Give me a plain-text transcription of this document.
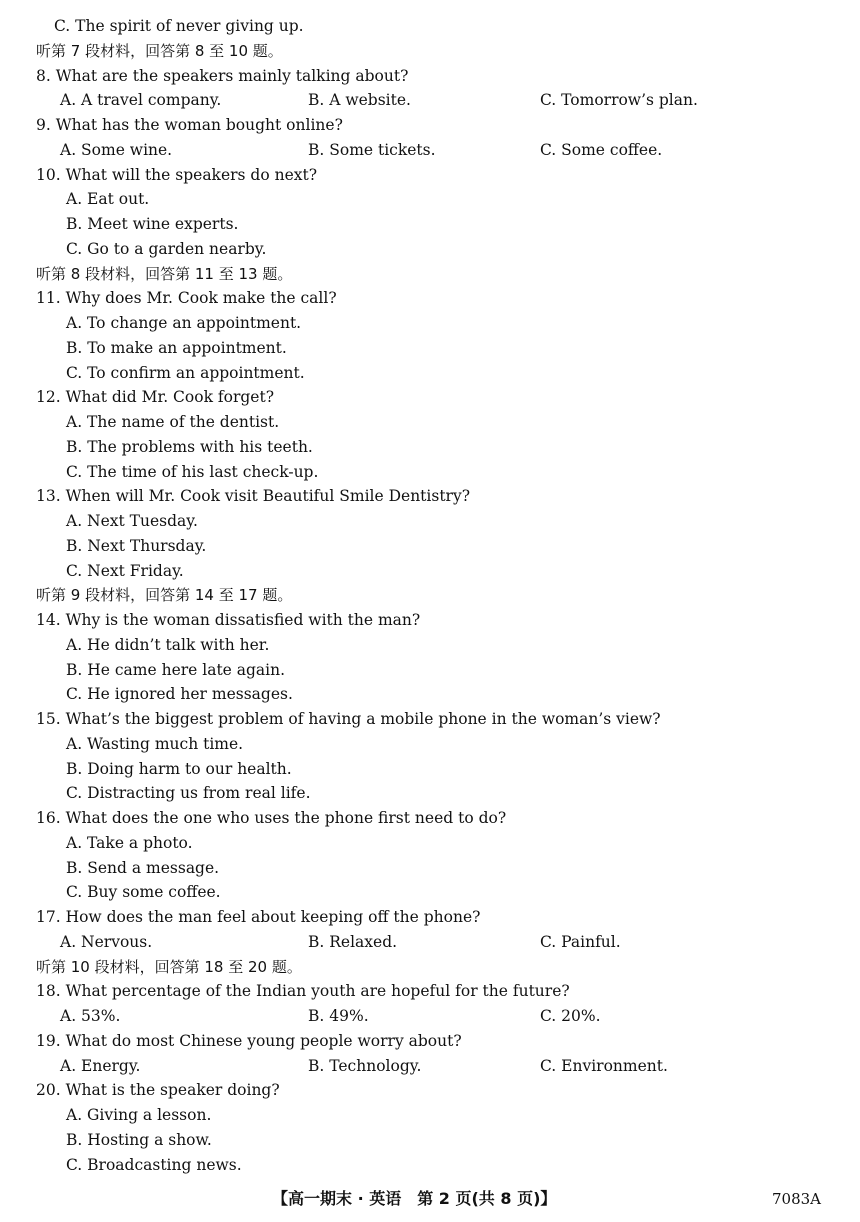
C. The spirit of never giving up.
听第 7 段材料，回答第 8 至 10 题。
8. What are the speakers mainly talking about?
A. A travel company.	B. A website.	C. Tomorrow’s plan.
9. What has the woman bought online?
A. Some wine.	B. Some tickets.	C. Some coffee.
10. What will the speakers do next?
A. Eat out.
B. Meet wine experts.
C. Go to a garden nearby.
听第 8 段材料，回答第 11 至 13 题。
11. Why does Mr. Cook make the call?
A. To change an appointment.
B. To make an appointment.
C. To confirm an appointment.
12. What did Mr. Cook forget?
A. The name of the dentist.
B. The problems with his teeth.
C. The time of his last check-up.
13. When will Mr. Cook visit Beautiful Smile Dentistry?
A. Next Tuesday.
B. Next Thursday.
C. Next Friday.
听第 9 段材料，回答第 14 至 17 题。
14. Why is the woman dissatisfied with the man?
A. He didn’t talk with her.
B. He came here late again.
C. He ignored her messages.
15. What’s the biggest problem of having a mobile phone in the woman’s view?
A. Wasting much time.
B. Doing harm to our health.
C. Distracting us from real life.
16. What does the one who uses the phone first need to do?
A. Take a photo.
B. Send a message.
C. Buy some coffee.
17. How does the man feel about keeping off the phone?
A. Nervous.	B. Relaxed.	C. Painful.
听第 10 段材料，回答第 18 至 20 题。
18. What percentage of the Indian youth are hopeful for the future?
A. 53%.	B. 49%.	C. 20%.
19. What do most Chinese young people worry about?
A. Energy.	B. Technology.	C. Environment.
20. What is the speaker doing?
A. Giving a lesson.
B. Hosting a show.
C. Broadcasting news.
【高一期末 · 英语　第 2 页(共 8 页)】	7083A
